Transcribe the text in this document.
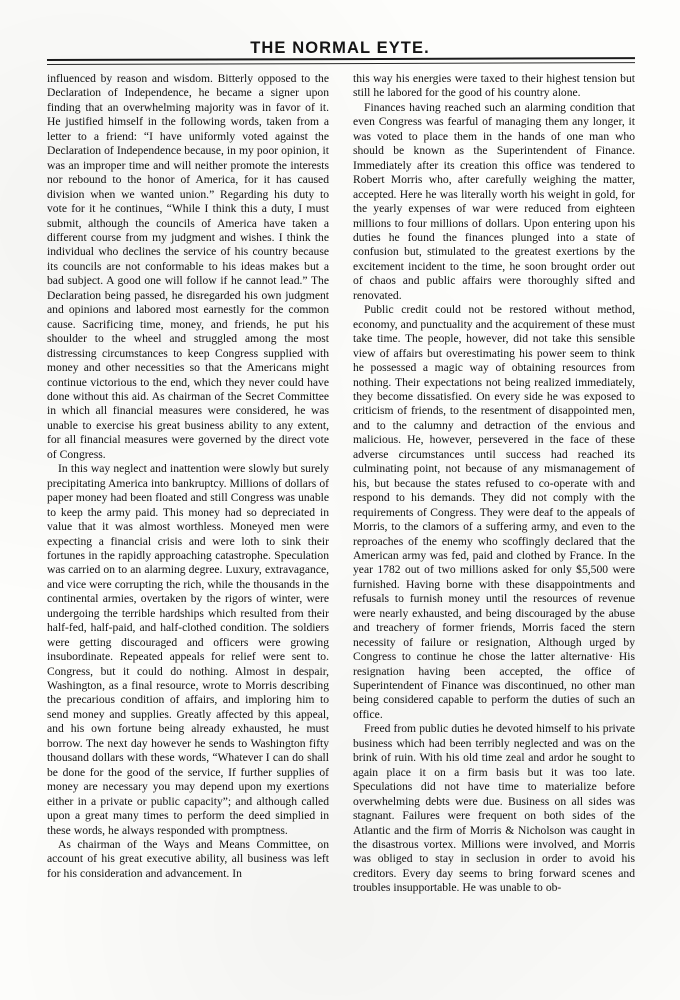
THE NORMAL EYTE.

influenced by reason and wisdom. Bitterly opposed to the Declaration of Independence, he became a signer upon finding that an overwhelming majority was in favor of it. He justified himself in the following words, taken from a letter to a friend: “I have uniformly voted against the Declaration of Independence because, in my poor opinion, it was an improper time and will neither promote the interests nor rebound to the honor of America, for it has caused division when we wanted union.” Regarding his duty to vote for it he continues, “While I think this a duty, I must submit, although the councils of America have taken a different course from my judgment and wishes. I think the individual who declines the service of his country because its councils are not conformable to his ideas makes but a bad subject. A good one will follow if he cannot lead.” The Declaration being passed, he disregarded his own judgment and opinions and labored most earnestly for the common cause. Sacrificing time, money, and friends, he put his shoulder to the wheel and struggled among the most distressing circumstances to keep Congress supplied with money and other necessities so that the Americans might continue victorious to the end, which they never could have done without this aid. As chairman of the Secret Committee in which all financial measures were considered, he was unable to exercise his great business ability to any extent, for all financial measures were governed by the direct vote of Congress.

In this way neglect and inattention were slowly but surely precipitating America into bankruptcy. Millions of dollars of paper money had been floated and still Congress was unable to keep the army paid. This money had so depreciated in value that it was almost worthless. Moneyed men were expecting a financial crisis and were loth to sink their fortunes in the rapidly approaching catastrophe. Speculation was carried on to an alarming degree. Luxury, extravagance, and vice were corrupting the rich, while the thousands in the continental armies, overtaken by the rigors of winter, were undergoing the terrible hardships which resulted from their half-fed, half-paid, and half-clothed condition. The soldiers were getting discouraged and officers were growing insubordinate. Repeated appeals for relief were sent to. Congress, but it could do nothing. Almost in despair, Washington, as a final resource, wrote to Morris describing the precarious condition of affairs, and imploring him to send money and supplies. Greatly affected by this appeal, and his own fortune being already exhausted, he must borrow. The next day however he sends to Washington fifty thousand dollars with these words, “Whatever I can do shall be done for the good of the service, If further supplies of money are necessary you may depend upon my exertions either in a private or public capacity”; and although called upon a great many times to perform the deed simplied in these words, he always responded with promptness.

As chairman of the Ways and Means Committee, on account of his great executive ability, all business was left for his consideration and advancement. In

this way his energies were taxed to their highest tension but still he labored for the good of his country alone.

Finances having reached such an alarming condition that even Congress was fearful of managing them any longer, it was voted to place them in the hands of one man who should be known as the Superintendent of Finance. Immediately after its creation this office was tendered to Robert Morris who, after carefully weighing the matter, accepted. Here he was literally worth his weight in gold, for the yearly expenses of war were reduced from eighteen millions to four millions of dollars. Upon entering upon his duties he found the finances plunged into a state of confusion but, stimulated to the greatest exertions by the excitement incident to the time, he soon brought order out of chaos and public affairs were thoroughly sifted and renovated.

Public credit could not be restored without method, economy, and punctuality and the acquirement of these must take time. The people, however, did not take this sensible view of affairs but overestimating his power seem to think he possessed a magic way of obtaining resources from nothing. Their expectations not being realized immediately, they become dissatisfied. On every side he was exposed to criticism of friends, to the resentment of disappointed men, and to the calumny and detraction of the envious and malicious. He, however, persevered in the face of these adverse circumstances until success had reached its culminating point, not because of any mismanagement of his, but because the states refused to co-operate with and respond to his demands. They did not comply with the requirements of Congress. They were deaf to the appeals of Morris, to the clamors of a suffering army, and even to the reproaches of the enemy who scoffingly declared that the American army was fed, paid and clothed by France. In the year 1782 out of two millions asked for only $5,500 were furnished. Having borne with these disappointments and refusals to furnish money until the resources of revenue were nearly exhausted, and being discouraged by the abuse and treachery of former friends, Morris faced the stern necessity of failure or resignation, Although urged by Congress to continue he chose the latter alternative· His resignation having been accepted, the office of Superintendent of Finance was discontinued, no other man being considered capable to perform the duties of such an office.

Freed from public duties he devoted himself to his private business which had been terribly neglected and was on the brink of ruin. With his old time zeal and ardor he sought to again place it on a firm basis but it was too late. Speculations did not have time to materialize before overwhelming debts were due. Business on all sides was stagnant. Failures were frequent on both sides of the Atlantic and the firm of Morris & Nicholson was caught in the disastrous vortex. Millions were involved, and Morris was obliged to stay in seclusion in order to avoid his creditors. Every day seems to bring forward scenes and troubles insupportable. He was unable to ob-
